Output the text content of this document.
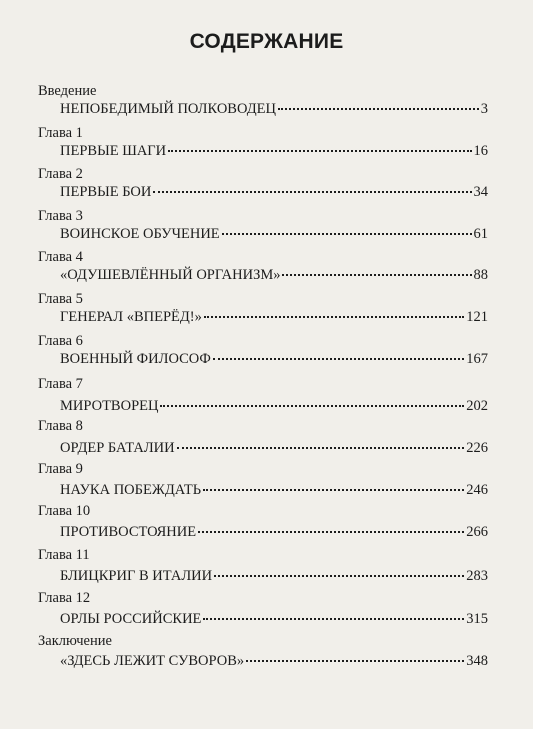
СОДЕРЖАНИЕ
Введение
НЕПОБЕДИМЫЙ ПОЛКОВОДЕЦ	3
Глава 1
ПЕРВЫЕ ШАГИ	16
Глава 2
ПЕРВЫЕ БОИ	34
Глава 3
ВОИНСКОЕ ОБУЧЕНИЕ	61
Глава 4
«ОДУШЕВЛЁННЫЙ ОРГАНИЗМ»	88
Глава 5
ГЕНЕРАЛ «ВПЕРЁД!»	121
Глава 6
ВОЕННЫЙ ФИЛОСОФ	167
Глава 7
МИРОТВОРЕЦ	202
Глава 8
ОРДЕР БАТАЛИИ	226
Глава 9
НАУКА ПОБЕЖДАТЬ	246
Глава 10
ПРОТИВОСТОЯНИЕ	266
Глава 11
БЛИЦКРИГ В ИТАЛИИ	283
Глава 12
ОРЛЫ РОССИЙСКИЕ	315
Заключение
«ЗДЕСЬ ЛЕЖИТ СУВОРОВ»	348
